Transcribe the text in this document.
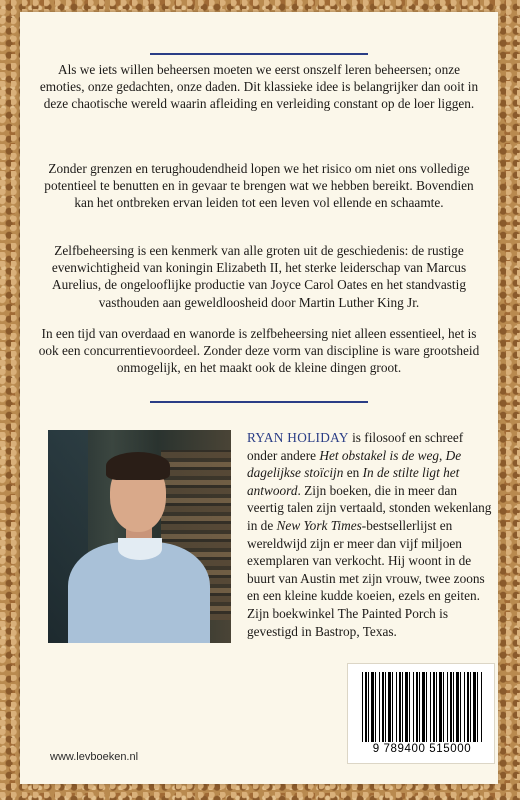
Als we iets willen beheersen moeten we eerst onszelf leren beheersen; onze emoties, onze gedachten, onze daden. Dit klassieke idee is belangrijker dan ooit in deze chaotische wereld waarin afleiding en verleiding constant op de loer liggen.

Zonder grenzen en terughoudendheid lopen we het risico om niet ons volledige potentieel te benutten en in gevaar te brengen wat we hebben bereikt. Bovendien kan het ontbreken ervan leiden tot een leven vol ellende en schaamte.

Zelfbeheersing is een kenmerk van alle groten uit de geschiedenis: de rustige evenwichtigheid van koningin Elizabeth II, het sterke leiderschap van Marcus Aurelius, de ongelooflijke productie van Joyce Carol Oates en het standvastig vasthouden aan geweldloosheid door Martin Luther King Jr.

In een tijd van overdaad en wanorde is zelfbeheersing niet alleen essentieel, het is ook een concurrentievoordeel. Zonder deze vorm van discipline is ware grootsheid onmogelijk, en het maakt ook de kleine dingen groot.

RYAN HOLIDAY is filosoof en schreef onder andere Het obstakel is de weg, De dagelijkse stoïcijn en In de stilte ligt het antwoord. Zijn boeken, die in meer dan veertig talen zijn vertaald, stonden wekenlang in de New York Times-bestsellerlijst en wereldwijd zijn er meer dan vijf miljoen exemplaren van verkocht. Hij woont in de buurt van Austin met zijn vrouw, twee zoons en een kleine kudde koeien, ezels en geiten. Zijn boekwinkel The Painted Porch is gevestigd in Bastrop, Texas.

9 789400 515000
www.levboeken.nl
